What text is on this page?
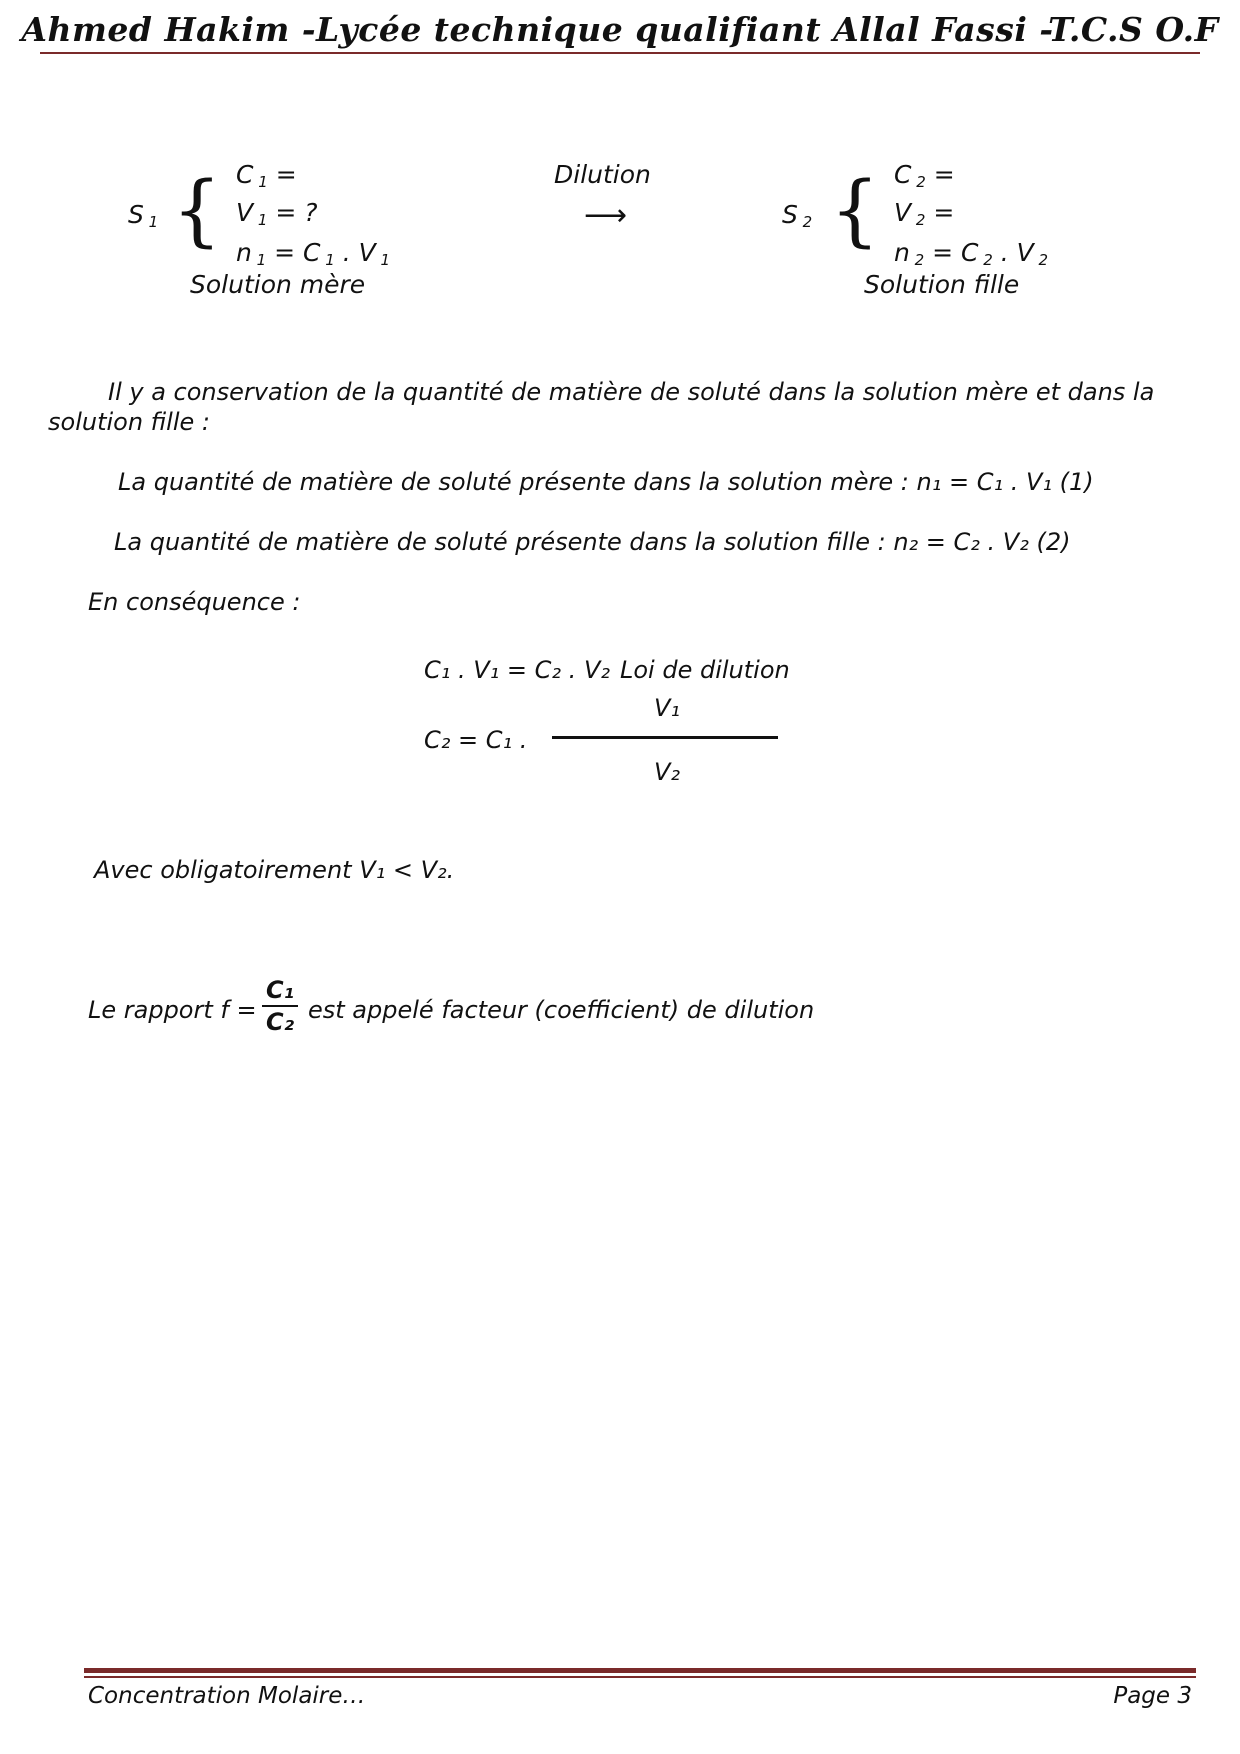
Ahmed Hakim -Lycée technique qualifiant Allal Fassi -T.C.S O.F
S $_1$ { C $_1$ =
V $_1$ = ?
n $_1$ = C $_1$ . V $_1$
Solution mère
Dilution
⟶	S $_2$ { C $_2$ =
V $_2$ =
n $_2$ = C $_2$ . V $_2$
Solution fille
Il y a conservation de la quantité de matière de soluté dans la solution mère et dans la
solution fille :
La quantité de matière de soluté présente dans la solution mère : n₁ = C₁ . V₁ (1)
La quantité de matière de soluté présente dans la solution fille : n₂ = C₂ . V₂ (2)
En conséquence :
C₁ . V₁ = C₂ . V₂ Loi de dilution
V₁
C₂ = C₁ .
V₂
Avec obligatoirement V₁ < V₂.
Le rapport f =
C₁
C₂ est appelé facteur (coefficient) de dilution
Concentration Molaire…	Page 3
